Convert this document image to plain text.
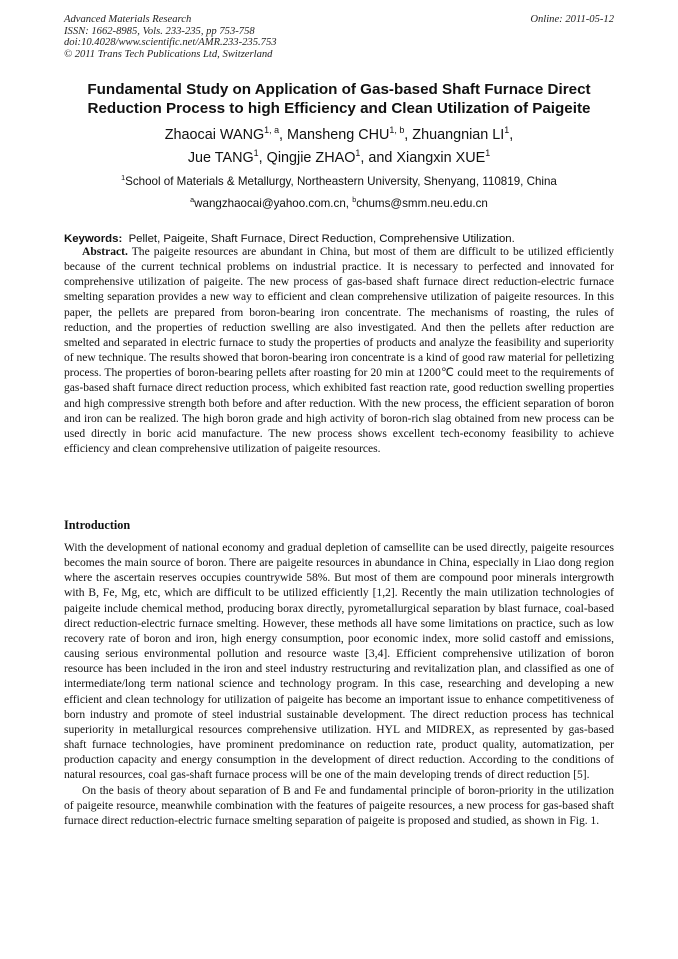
Advanced Materials Research
ISSN: 1662-8985, Vols. 233-235, pp 753-758
doi:10.4028/www.scientific.net/AMR.233-235.753
© 2011 Trans Tech Publications Ltd, Switzerland
Online: 2011-05-12
Fundamental Study on Application of Gas-based Shaft Furnace Direct
Reduction Process to high Efficiency and Clean Utilization of Paigeite
Zhaocai WANG$^{1, a}$, Mansheng CHU$^{1, b}$, Zhuangnian $LI^1$,
Jue TANG$^1$, Qingjie ZHAO$^1$, and Xiangxin XUE$^1$
$^1$School of Materials & Metallurgy, Northeastern University, Shenyang, 110819, China
$^a$wangzhaocai@yahoo.com.cn, $^b$chums@smm.neu.edu.cn
Keywords: Pellet, Paigeite, Shaft Furnace, Direct Reduction, Comprehensive Utilization.

Abstract. The paigeite resources are abundant in China, but most of them are difficult to be utilized efficiently because of the current technical problems on industrial practice. It is necessary to perfected and innovated for comprehensive utilization of paigeite. The new process of gas-based shaft furnace direct reduction-electric furnace smelting separation provides a new way to efficient and clean comprehensive utilization of paigeite resources. In this paper, the pellets are prepared from boron-bearing iron concentrate. The mechanisms of roasting, the rules of reduction, and the properties of reduction swelling are also investigated. And then the pellets after reduction are smelted and separated in electric furnace to study the properties of products and analyze the feasibility and superiority of new technique. The results showed that boron-bearing iron concentrate is a kind of good raw material for pelletizing process. The properties of boron-bearing pellets after roasting for 20 min at 1200℃ could meet to the requirements of gas-based shaft furnace direct reduction process, which exhibited fast reaction rate, good reduction swelling properties and high compressive strength both before and after reduction. With the new process, the efficient separation of boron and iron can be realized. The high boron grade and high activity of boron-rich slag obtained from new process can be used directly in boric acid manufacture. The new process shows excellent tech-economy feasibility to achieve efficiency and clean comprehensive utilization of paigeite resources.

Introduction

With the development of national economy and gradual depletion of camsellite can be used directly, paigeite resources becomes the main source of boron. There are paigeite resources in abundance in China, especially in Liao dong region where the ascertain reserves occupies countrywide 58%. But most of them are compound poor minerals intergrowth with B, Fe, Mg, etc, which are difficult to be utilized efficiently [1,2]. Recently the main utilization technologies of paigeite include chemical method, producing borax directly, pyrometallurgical separation by blast furnace, coal-based direct reduction-electric furnace smelting. However, these methods all have some limitations on practice, such as low recovery rate of boron and iron, high energy consumption, poor economic index, more solid castoff and emissions, causing serious environmental pollution and resource waste [3,4]. Efficient comprehensive utilization of boron resource has been included in the iron and steel industry restructuring and revitalization plan, and classified as one of intermediate/long term national science and technology program. In this case, researching and developing a new efficient and clean technology for utilization of paigeite has become an important issue to enhance competitiveness of born industry and promote of steel industrial sustainable development. The direct reduction process has technical superiority in metallurgical resources comprehensive utilization. HYL and MIDREX, as represented by gas-based shaft furnace technologies, have prominent predominance on reduction rate, product quality, automatization, per production capacity and energy consumption in the development of direct reduction. According to the conditions of natural resources, coal gas-shaft furnace process will be one of the main developing trends of direct reduction [5].

On the basis of theory about separation of B and Fe and fundamental principle of boron-priority in the utilization of paigeite resource, meanwhile combination with the features of paigeite resources, a new process for gas-based shaft furnace direct reduction-electric furnace smelting separation of paigeite is proposed and studied, as shown in Fig. 1.
